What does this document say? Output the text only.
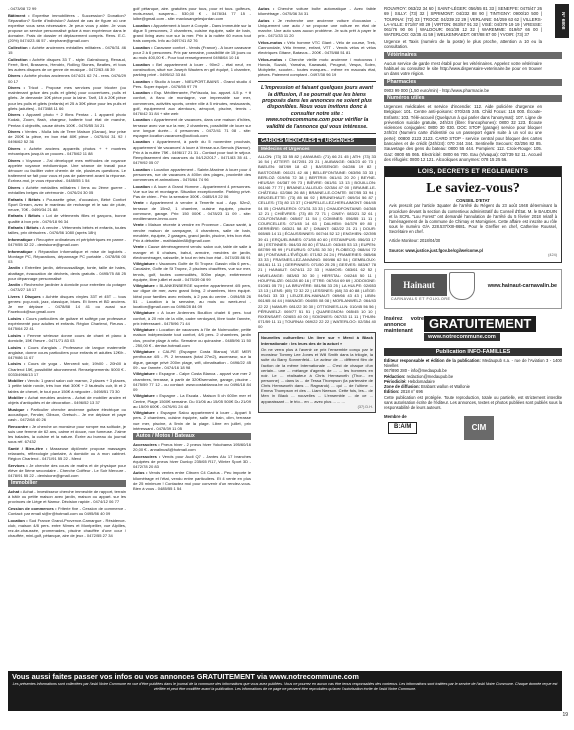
- 0473/08 72 99
Bâtiment • Expertise immobilières - Succession? Donation? Séparation? Sortie d'indivision? Autant de cas de figure où une expertise vous sera nécessaire. Je peux vous y aider. Je vous propose un service personnalisé grâce à mon expérience dans le domaine. Frais de dossier et déplacement compris. Rens. E.C.(20%) 0474/23 46 57 - stephane@gmail.com
Collection • Achète anciennes médailles militaires - 0476/31 46 15
Collection • Achète disques 33 T - style: Gainsbourg, Renaud, Ferré, Brel, Brassens, Hendrix, Rolling Stones, Beatles, et tous les autres disques de ce genre de musique - 0472/63 46 39
Divers • Achète photos anciennes 0474/21 62 74 - rens. 0476/29 00 17
Divers • Tricot - Propose mes services pour tricoter (ou maintenant grâce des pulls et gilets) pour couvertures, pulls et gilets. Je demande 10€ pièce pour la laine. Tarif, 15 à 20€ pièce pour les pulls et gilets (enfants) et 25 à 30€ pièce pour les pulls et gilets (adultes) - 0473/88 11 66
Divers • Appareil photo + 2 films Pentax - 1 appareil photo Kodak, Zoom, flash, chargeur, batterie tout état de marche, Pentax 4 objectifs, cause décès 100€ - 0476/55 34 21
Divers • Ventes - Mulla lots de Terre Maison (Ganac), leur prise de 200€ la pièce, en bon état 80€ pièce - 0475/44 31 92 / 0496/62 52 36
Divers • Achète anciens appareils photos + + montres mécaniques jusqu'à un pouces - 0475/62 11 88
Divers • Voyance - J'ai développé mes méthodes de voyance appelée voyance médiumnique. Une séance de travail pour dénouer ou faciliter votre chemin de vie, plusieurs questions. Le traitement se fait pour vous et pas de paiement avant la réponse. Écrivez-moi, je vous répondrai - 0485/55 1 54
Divers • Achète médailles militaires / liens ou 2ème guerre - médailles belges de cérémonie - 0476/24 30 05
Enfants / Bébés • Poussette grise, d'occasion, Bébé Confort Sport Dream, avec le manteau de rechange et le sac de pluie, neuve, 70€ - 0499/34 21 88
Enfants / Bébés • Lot de vêtements filles et garçons, bonne qualité à bon prix - 0479/18 96 34
Enfants / Bébés • A vendre - Vêtements bébés et enfants, toutes tailles, prix dérisoires - 0476/56 1080 (après 18h)
Informatique • Recupère ordinateurs et périphériques en panne - 0479/55 32 22 - deniskone@gmail.com
Informatique • Réparation informatique et mise de logiciels - Montage PC, Réparations, dépannage PC portable - 0478/56 00 03
Jardin • Entretien jardin, débroussaillage, tonte, taille de haies, abattage, évacuation de déchets, devis gratuits - 0495/75 88 25 pour dépannage personnalisé
Jardin • Recherche jardinier à domicile pour entretien du potager - 0473/27 18 17
Livres / Disques • Achète disques vinyles 33T et 45T ... tous genres: pop-rock, jazz, classique, blues. Et livres et BD anciens. Je me déplace - 0478/88 14 41 ou aussi sur Facebook@sur.gmail.com
Loisirs • Cours particuliers de guitare et solfège par professeur expérimenté pour adultes et enfants. Région Charleroi, Fleurus - 0475/64 22 41
Loisirs • Femme sérieuse donne cours de chant et piano à domicile, 15€ l'heure - 0471/71 83 03
Loisirs • Cours d'anglais - Professeur de langue maternelle anglaise, donne cours particuliers pour enfants et adultes 12€/h - 0479/86 11 67
Loisirs • Cours de yoga - Mercredi soir, 19h00 - 20h00 à Charleroi 15€, possibilité abonnement. Renseignements: 5000 € - 0033/4966/13 17
Mobilier • Vends: 1 grand salon cuir marron, 2 places + 3 places, 1 petite table ronde, très bon état 300€ + 2 fauteuils cuir, lit et 2 tables de chevet, le tout pour 150€ à négocier - 0498/51 73 30
Mobilier • Achat meubles anciens - Achat de mobilier ancien et objets d'antiquités et de décoration - 0496/52 13 37
Musique • Particulier cherche ancienne guitare électrique ou acoustique, Fender, Gibson, Gretsch... Je me déplace et paye cash - 0472/68 40 26
Rencontre • Je cherche un monsieur pour rompre ma solitude, je suis une femme de 62 ans, calme et douce, non fumeuse. J'aime les balades, la cuisine et la nature. Écrire au bureau du journal sous réf. 67432
Santé / Bien-être • Masseuse diplômée propose massages relaxants, réflexologie plantaire, à domicile ou à mon cabinet. Région Charleroi - 0471/91 55 22 - Merci
Services • Je cherche des cours de maths et de physique pour élève de 5ème secondaire - Cherche Coiffeur - Le Soir Mercure - 0478/91 55 22 - deniskone@gmail.com
Immobilier
Achat • Achat - Investisseur cherche immeuble de rapport, terrain à bâtir ou petite maison avec jardin, maison ou appart. sur les provinces de Liège et Namur. Décision rapide - 0474/12 06 77
Cession de commerces • Friterie fixe - Cession de commerce - Contact: par email si@rr@hotmail.com ou 0495/56 40 09
Location • Sud France Grand-Provence-Camargue - Résidence-club, maison 4/8 pers. entre Nîmes et Montpellier, vue Alpilles, rez-de-chaussée, promenades, piscine chauffée d'une cour / chauffée, mini-golf, pétanque, aire de jeux - 0472/55 27 34
golf pétanque, aire. gratuites pour tous, pour et tous. golfeurs, mots-exact, suspens... 530,00 € - 0478/34 77 15 - lolbe@gmail.com - site: maxlosangelesjordan.com
Location • Appartement à louer à Coxyde - Dans immeuble sur la digue 5 personnes, 2 chambres, cuisine équipée, salle de bain, grand living avec vue sur la mer. Prix à la nuitée 60 euros tout frais compris. Info au 0497/41 82 76
Location • Caravane confort - Vends (France) - A louer caravane pour 2 à 6 personnes. Prix par semaine, possibilité de 15 jours ou au mois 400,00 € - Pour tout renseignement 0498/64 10 16
Location • Bel appartement à louer - 90m2 - état neuf, en construction, situé rue Joseph Wauters en gril équipé, 1 chambre, parking privé - 0495/12 33 84
Location • Studio à louer - NIEUPORT-BAINS - Grand studio 4 Pers. Super équipé - 0476/55 97 79
Location • Esp. Méditerranée, Peñíscola, loc. appart. 4-5 p. + tt confort, à flanc de montagne, vue imprenable sur mer, commerces, activités sports, centre ville à 5 minutes, restaurants, golf, équipement aux alentours, aéroport, piscine, tennis - 0476/42 31 84 + site web
Location • Appartement de vacances, dans une maison d'hôtes, terrasse avec vue sur la mer, 2 chambres, possibilité de louer sur une longue durée... 4 personnes - 0472/41 71 08 - site: espagne.location.vacances@outlook.com
Location • Appartement, à partir du 5 novembre prochain, appartement 'de vacances' à louer à Vresse-sur-Semois (Namur). Prix à la nuitée 75€ - 0496/17 21 31 - Contact pour tout le séjour. Remplissement des vacances du 04/12/2017 - 0471/83 35 41 - 0479/92 05 07
Location • Location appartement - Sainte-Maxime à louer pour 4 personnes, rue de vacances à 400m des plages, proximité des commerces et animations - 0476/64 74 96
Location • A louer à Grand Homme - Appartement 4 personnes. Vue sur lac et montagne. Situation exceptionnelle. Parking privé. Pas de chien - Prix: la semaine 300€ - 0485/19 22 06
Vente • Appartement à vendre à Tenerife sud - App. 52m2, terrasse de 15m2, 1 chambre, cuisine équipée, piscine commune, garage. Prix: 150 000€ - 0478/23 11 09 - site: mediterranee-immo.com
Vente • Maison récente à vendre en Provence - Cause santé, à vendre maison de campagne, 4 chambres, salle de bain, meublée, équipée, 2 garages, grand jardin, piscine, très bon état. Prix à débattre - mathiaskim88@gmail.com
Vente • Cause déménagement vends: salon cuir, table de salle à manger et 6 chaises, bahut, armoire, meubles de jardin, électroménager, vaisselle, le tout en très bon état - 0474/35 86 91
Villégiature • Vacances Golfe de St Tropez: Gassin villa 6 pers., Cavalaire, Golfe de St Tropez, 2 piscines chauffées, vue sur mer, tennis, golf, toutes commodités, 500m plage, entièrement équipée, libre juillet et août - 0475/39 08 99
Villégiature • BLANKENBERGE superbe appartement 4/5 pers, sur digue de mer, avec grand living, 2 chambres, bien équipé. Idéal pour familles avec enfants, à 2 pas du centre - 0494/55 26 51 - Location à la semaine, au mois ou week-end - location@gmail.com ou 0496/28 84 09
Villégiature • A louer Ardennes Bouillon chalet 6 pers. tout confort, à 20 min de la ville, cadre verdoyant, libre toute l'année, prix intéressant - 0475/96 71 44
Villégiature • Location de vacances à l'île de Noirmoutier, petite maison indépendante tout confort, 4/6 pers. 2 chambres, jardin clos, proche plage à vélo. Semaine ou quinzaine - 0485/96 11 50 - 250,00 € - denise.hotmail.com
Villégiature • CALPE (Espagne Costa Blanca) VUE MER penthouse 4/5 - Pl. 2 terrasses (total 27m2), ascenseur, sur la digue, garage privé 200m plage, wifi, climatisation - 0496/22 45 09 - sur l'année - 0474/16 18 98
Villégiature • Espagne - Calpe Costa Blanca - appart vue mer 2 chambres, terrasse, à partir de 320€/semaine, garage, piscine - 0475/59 77 12 - ou contact: www.costablanca.be ou 0496/18 84 09
Villégiature • Espagne - La Escala - Maison 5 ch 600m mer et Centre, Plage 1500€ semaine. Du 01/06 au 15/05 500€ Du 21/09 au 15/09 600€ - 0476/91 24 48
Villégiature • Espagne Salou appartement à louer - Appart 5 pers. 2 chambres, cuisine équipée, salle de bain, clim, terrasse vue mer, piscine, à 5min de la plage. Libre en juillet, prix intéressant - 0478/39 11 05
Autos / Motos / Bateaux
Accessoires • Pneus hiver - 2 pneus hiver Yokohama 195/60/16 20,00 € - annalinus8@hotmail.com
Accessoires • Vends pour Audi Q7 - Jantes Alu 17 branches équipées de pneus hiver Dunlop 235/65 R17, Winter Sport 3D - 0472/78 20 83
Autos • Vends ventes entre Citroen C4 Cactus - Peu importe le kilométrage et l'état, vendu entre particuliers. Et 4 vente en plus de 25 minimum ! Contactez moi pour convenir d'un rendez-vous. Bien à vous - 0485/55 1 54
Autos • Cherche voiture boîte automatique - Avec faible kilométrage - 0475/36 34 31
Autos • Je recherche une ancienne voiture d'occasion - Uniquement une auto / se propose une voiture en état de marche. Une auto sans aucun problème. Je suis prêt à payer le prix - 0471/33 11 20
Vélos-motos • Vélo homme VTC Giant - Vélo de course, Trek, Cannondale, Vélo femme, enfant, VTT - Vends vélos et vélos électriques Gitane, Batavus... 200€ - 0475/88 51 81
Vélos-motos • Cherche vieille moto ancienne / motocross / Honda, Suzuki, Yamaha, Kawasaki, Peugeot, Vespa, Solex, Mobylette, scooter... toutes marques... même en mauvais état, pièces. Paiement comptant - 0497/38 96 19
L'impression et faisant quelques jours avant la diffusion, il se pourrait que les biens proposés dans les annonces ne soient plus disponibles. Nous vous invitons donc à consulter notre site : www.notrecommune.com pour vérifier la validité de l'annonce qui vous intéresse.
GARDES MEDICALES ET URGENCES
Médecins et Urgences
ALLON: (73) 33 55 82 | ANVAING: (71) 66 21 45 | ATH: (73) 33 16 54 | ATTERT: 0472/51 23 21 | AUBANGE: 063/23 40 73 | BAELEN: 087/89 18 42 | BASSENGE: 04/286 19 82 | BASTOGNE: 061/21 42 46 | BELLEFONTAINE: 063/56 33 33 | BERLOZ: 019/56 72 38 | BERTRIX: 061/41 20 20 | BEYNE-HEUSAY: 04/387 99 73 | BIÈVRE: 061/51 13 13 | BOUILLON: 061/46 77 77 | BRAINE-L'ALLEUD: 02/384 47 00 | BRAINE-LE-CHÂTEAU: 02/366 26 88 | BRAINE-LE-COMTE: 067/55 33 94 | BRUGELETTE: (73) 85 66 92 | BRUNEHAUT: 069/34 56 87 | CELLES: (73) 80 13 37 | CHAPELLE-LEZ-HERLAIMONT: 064/45 04 05 | CHARLEROI: 071/31 33 33 | CHAUDFONTAINE: 04/365 12 21 | CHIÈVRES: (73) 85 72 71 | CINEY: 083/21 32 61 | COLFONTAINE: 065/67 11 54 | COMINES: 056/55 11 11 | COURCELLES: 071/45 14 63 | DALHEM: 04/379 69 80 | DERRIÈRE: 083/21 58 87 | DINANT: 082/22 21 21 | DOUR: 065/65 14 11 | ÉCAUSSINNES: 067/44 52 12 | ENGHIEN: 02/395 39 41 | ERQUELINNES: 071/55 40 60 | ESTAIMPUIS: 056/33 17 38 | ESTINNES: 064/33 80 80 | ÉTALLE: 063/45 53 13 | EUPEN: 087/59 95 99 | FLEURUS: 071/81 30 30 | FLOBECQ: 068/44 72 88 | FONTAINE-L'ÉVÊQUE: 071/52 24 24 | FRAMERIES: 065/66 33 33 | FRASNES-LEZ-ANVAING: 069/86 62 54 | GEMBLOUX: 081/61 11 11 | GERPINNES: 071/50 25 25 | GESVES: 083/67 78 21 | HAINAUT: 0474/11 22 33 | HAMOIS: 083/61 62 52 | HAVELANGE: 083/63 30 30 | HERSTAL: 04/248 50 11 | HOUFFALIZE: 061/28 80 16 | ITTRE: 067/64 69 69 | JODOIGNE: 010/81 05 70 | LA BRUYÈRE: 081/56 33 25 | LA HULPE: 02/653 13 13 | LENS: (65) 72 32 22 | LESSINES: (68) 33 40 88 | LIÈGE: 04/341 33 33 | LEUZE-EN-HAINAUT: 069/66 43 43 | LIBIN: 061/65 44 44 | MANAGE: 064/55 08 08 | MORLANWELZ: 064/43 22 22 | NAMUR: 081/22 30 30 | OTTIGNIES-LLN: 010/45 56 56 | PÉRUWELZ: 069/77 51 51 | QUAREGNON: 065/45 10 10 | RIXENSART: 02/653 40 00 | SOIGNIES: 067/33 11 11 | THUIN: 071/59 11 11 | TOURNAI: 069/22 22 22 | WATERLOO: 02/354 40 00
Nouvelles culturelles: Un livre sur « Merci à Black Internationale : les leurs des de la actuel »
On ne verra plus à l'avenir ce prix l'ensemble conçu par le monsieur Tommy Lee Jones et Will Smith dans la trilogie, la suite du Barry Sonnenfeld... Le acteur de ... différent film de l'action de la même Internationale ... C'est de chaque d'un certain... une ... mélange d'agents de ... ... les hommes en noir. Le ... réalisateur à Chris Hemsworth (Thor... en personne) ... dans la ... de Tessa Thompson (la partenaire de Chris Hemsworth dans ... Ragnarok) ... qui ... de l'ultime ... Emma Thompson et des ... Liam Neeson. Cette fois, les... de Men in Black ... nouvelles ... L'ensemble ... de ce ... apparaissant ... le trio... en ... avec plus ... ... ...
(37) D.H.
ROUVROY: 063/22 34 60 | SAINT-LÉGER: 056/55 81 33 | SENEFFE: 0475/47 26 69 | SILLY: (73) 32 | SPRIMONT: 04/232 88 90 | TINTIGNY: 0900/10 500 | TOURNAI: (72) 33 | TROOZ: 04/239 22 29 | VERLAINE: 04/259 63 62 | VILLERS-LA-VILLE: 071/87 80 29 | VIRTON: 063/57 91 32 | VISÉ: 04/379 19 19 | VRESSE: 061/76 90 06 | WALDOUR: 061/38 12 32 | WAREMME: 019/67 66 00 | WATERLOO: 02/35 41 59 | WELKENRAEDT: 087/88 87 00 | YVOIR: (73) 37
Urgence et Taxis (numéro de la poste) le plus proche, attention a 10 eu la consultation.
Vétérinaires
Aucun service de garde n'est établi pour les vétérinaires. Appelez votre vétérinaire habituel ou consultez le site http://www.dispensaire-veterinaire.be pour en trouver un dans votre région.
Pharmacies
0903 99 000 (1,50 euro/min) - http://www.pharmacie.be
Numéros utiles
Urgences médicales et service d'incendie: 112. Aide policière d'urgence en Belgique: 101. Centre anti-poisons: 070/245 245. Child Focus: 116 000. Écoute-Enfants: 103. Télé-accueil (Quelqu'un à qui parler dans l'anonymat): 107. Ligne de prévention suicide gratuite, 24h/24 (libre: francophones): 0800 32 123. Écoute violences conjugales: 0800 30 030. DOC STOP (garage) service pour bloquer 24h/24 (Numéro carte d'identité ou un passeport égaré suite à un vol ou une perte): 00800 2123 2123. CARD STOP - service central pour bloquer des cartes bancaires et de crédit (24h/24): 070 344 344. Sentinelle Secours: 02/256 82 85. Sauvetage des gens du bateau: 0800 55 444. Pompiers: 112. Croix-Rouge: 105. Gaz: 0800 65 065. Electricité: 0800 66 700. Eau (Vivaqua): 02/739 52 11. Accueil des réfugiés: 0800 12 121. Alcooliques anonymes: 078 15 25 56.
LOIS, DECRETS ET REGLEMENTS
Le saviez-vous?
CONSEIL D'ETAT
Avis prescrit par l'article 3quater de l'arrêté du Régent du 23 août 1948 déterminant la procédure devant la section du contentieux administratif du Conseil d'État. M. le BAUDUIN et la SCRL "Lou Forest" ont demandé l'annulation de l'arrêté du 5 février 2018 relatif à l'aménagement de la commune de Chimay et Momignies. Cette affaire est inscrite au rôle sous le numéro G/A 228.537/XIII-8681. Pour le Greffier en chef, Catherine Roussel, Secrétaire en chef.
Article Moniteur: 2018/04/30
Source: www.justice.just.fgov.be/cgi/welcome.pl
(424)
Hainaut
CARNAVALS ET FOLKLORE
www.hainaut-carnavalin.be
Insérez votre annonce
maintenant	GRATUITEMENT
www.notrecommune.com
Publication INFO-FAMILLES
Éditeur responsable et édition de la publication: Medaupub s.a. - rue de l'Aviation 3 - 1400 Nivelles
067/890 280 - info@medaupub.be
Rédaction: redaction@medaupub.be
Périodicité: Hebdomadaire
Zone de diffusion: Brabant wallon et Wallonie
Édition: 2018 n° 696
Cette publication est protégée. Toute reproduction, totale ou partielle, est strictement interdite sans autorisation écrite de l'éditeur. Les annonces, textes et photos publiées sont publiés sous la responsabilité de leurs auteurs.
Membre de
B:A/M	CIM
N° 6808
Vous aussi faites passer vos infos ou vos annonces GRATUITEMENT via www.notrecommune.com
Les présentes informations sont collectées par l'asbl Notre Commune en vue d'être publiées dans le journal de la commune des informations que vous avez publiées. Vous ne pourrez en aucun cas être tenus responsables des contenus. Les informations sont traitées par le service de l'asbl Notre Commune. Chaque donnée reçue est vérifiée et peut être modifiée avant la publication. Les informations de ce page ne peuvent être reproduites qu'avec l'autorisation écrite de l'asbl Notre Commune.
19
